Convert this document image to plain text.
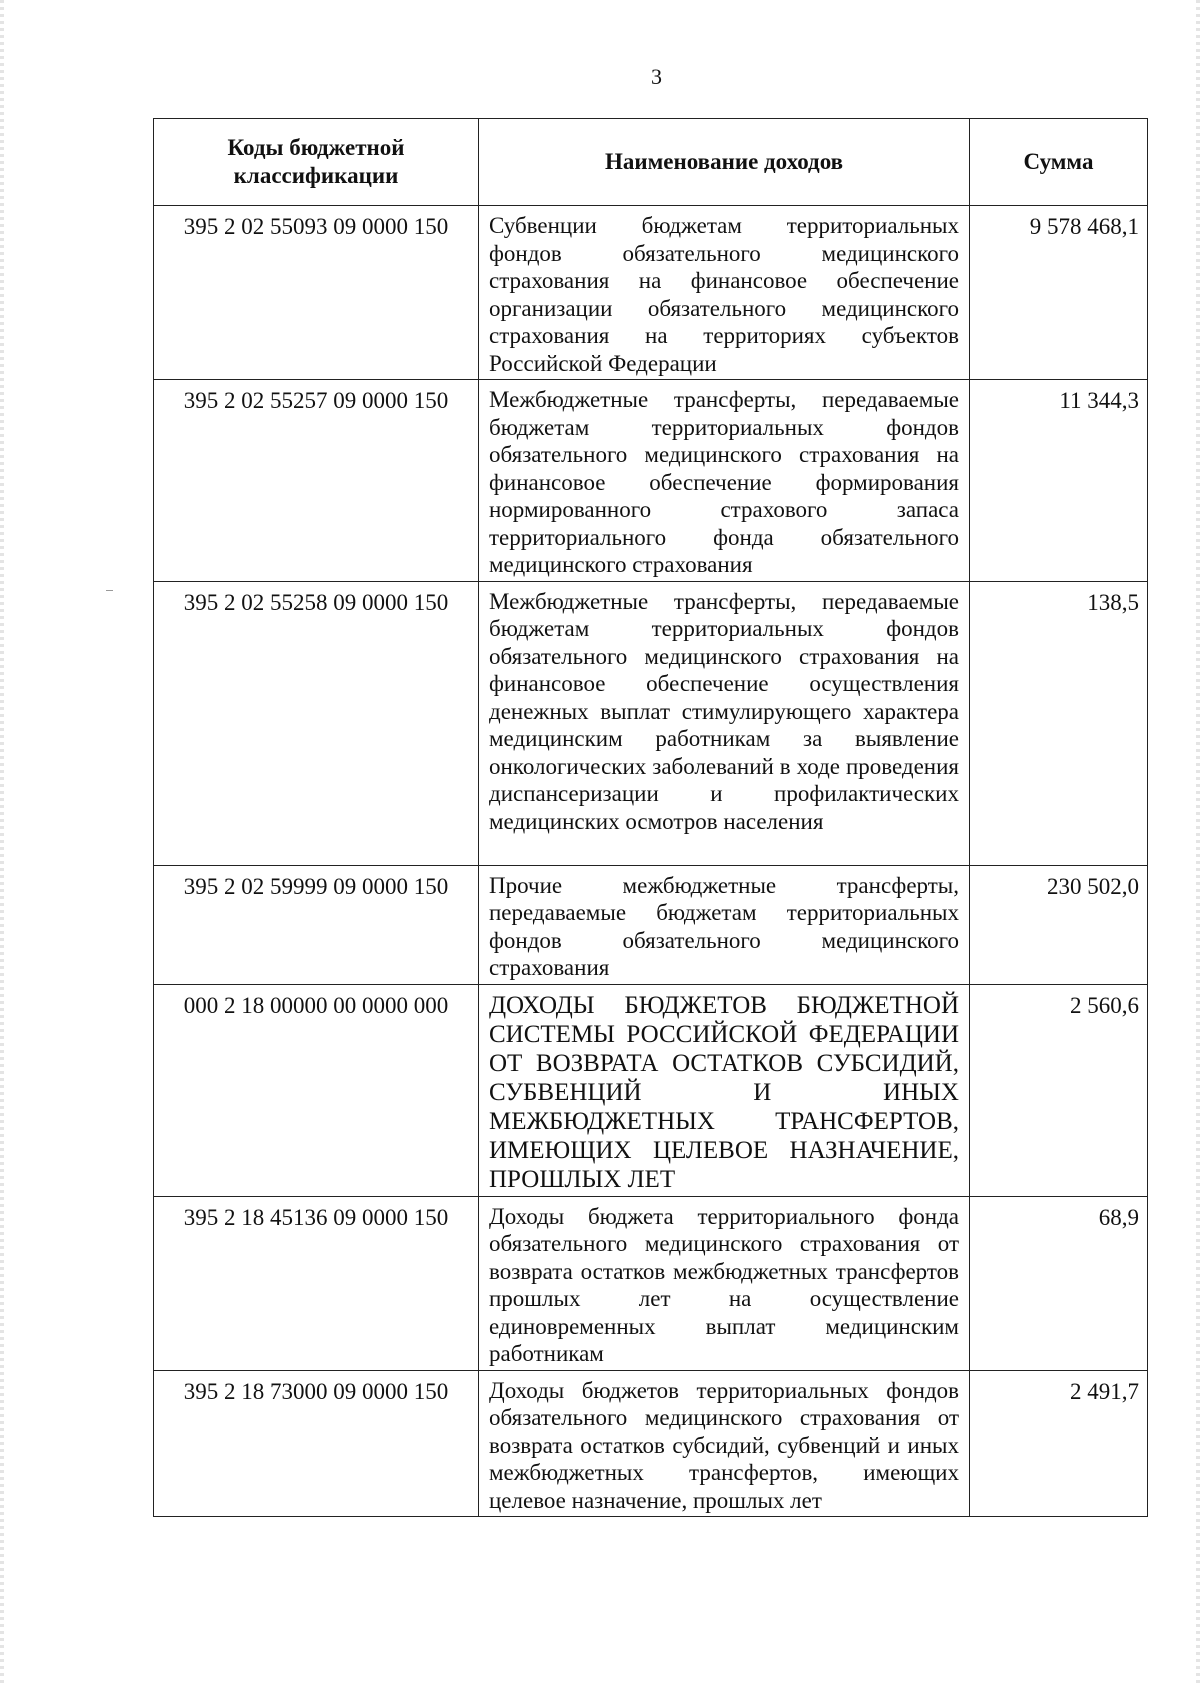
3
Коды бюджетной классификации	Наименование доходов	Сумма
395 2 02 55093 09 0000 150	Субвенции бюджетам территориальных фондов обязательного медицинского страхования на финансовое обеспечение организации обязательного медицинского страхования на территориях субъектов Российской Федерации	9 578 468,1
395 2 02 55257 09 0000 150	Межбюджетные трансферты, передаваемые бюджетам территориальных фондов обязательного медицинского страхования на финансовое обеспечение формирования нормированного страхового запаса территориального фонда обязательного медицинского страхования	11 344,3
395 2 02 55258 09 0000 150	Межбюджетные трансферты, передаваемые бюджетам территориальных фондов обязательного медицинского страхования на финансовое обеспечение осуществления денежных выплат стимулирующего характера медицинским работникам за выявление онкологических заболеваний в ходе проведения диспансеризации и профилактических медицинских осмотров населения	138,5
395 2 02 59999 09 0000 150	Прочие межбюджетные трансферты, передаваемые бюджетам территориальных фондов обязательного медицинского страхования	230 502,0
000 2 18 00000 00 0000 000	ДОХОДЫ БЮДЖЕТОВ БЮДЖЕТНОЙ СИСТЕМЫ РОССИЙСКОЙ ФЕДЕРАЦИИ ОТ ВОЗВРАТА ОСТАТКОВ СУБСИДИЙ, СУБВЕНЦИЙ И ИНЫХ МЕЖБЮДЖЕТНЫХ ТРАНСФЕРТОВ, ИМЕЮЩИХ ЦЕЛЕВОЕ НАЗНАЧЕНИЕ, ПРОШЛЫХ ЛЕТ	2 560,6
395 2 18 45136 09 0000 150	Доходы бюджета территориального фонда обязательного медицинского страхования от возврата остатков межбюджетных трансфертов прошлых лет на осуществление единовременных выплат медицинским работникам	68,9
395 2 18 73000 09 0000 150	Доходы бюджетов территориальных фондов обязательного медицинского страхования от возврата остатков субсидий, субвенций и иных межбюджетных трансфертов, имеющих целевое назначение, прошлых лет	2 491,7
